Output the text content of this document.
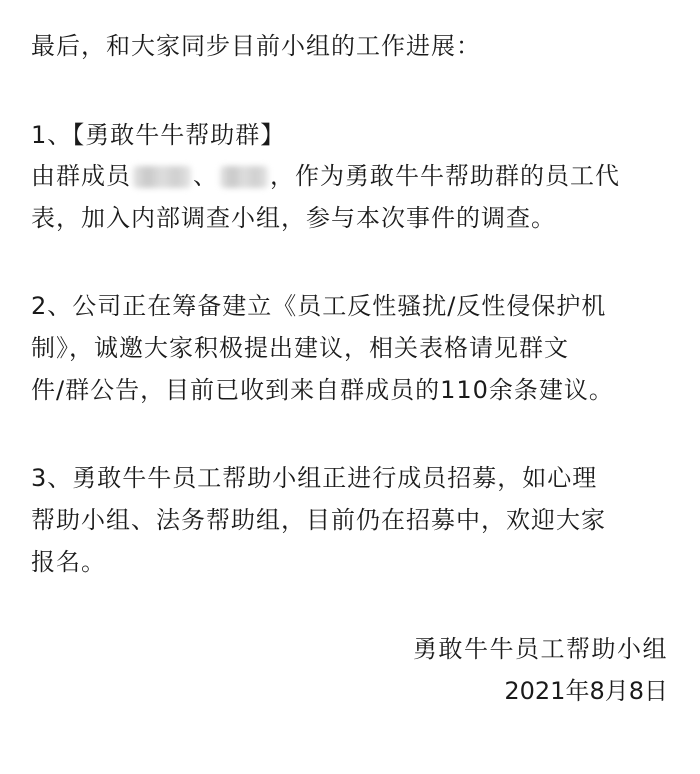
最后，和大家同步目前小组的工作进展：
1、【勇敢牛牛帮助群】
由群成员	、 ，作为勇敢牛牛帮助群的员工代
表，加入内部调查小组，参与本次事件的调查。
2、公司正在筹备建立《员工反性骚扰/反性侵保护机
制》，诚邀大家积极提出建议，相关表格请见群文
件/群公告，目前已收到来自群成员的110余条建议。
3、勇敢牛牛员工帮助小组正进行成员招募，如心理
帮助小组、法务帮助组，目前仍在招募中，欢迎大家
报名。
勇敢牛牛员工帮助小组
2021年8月8日
